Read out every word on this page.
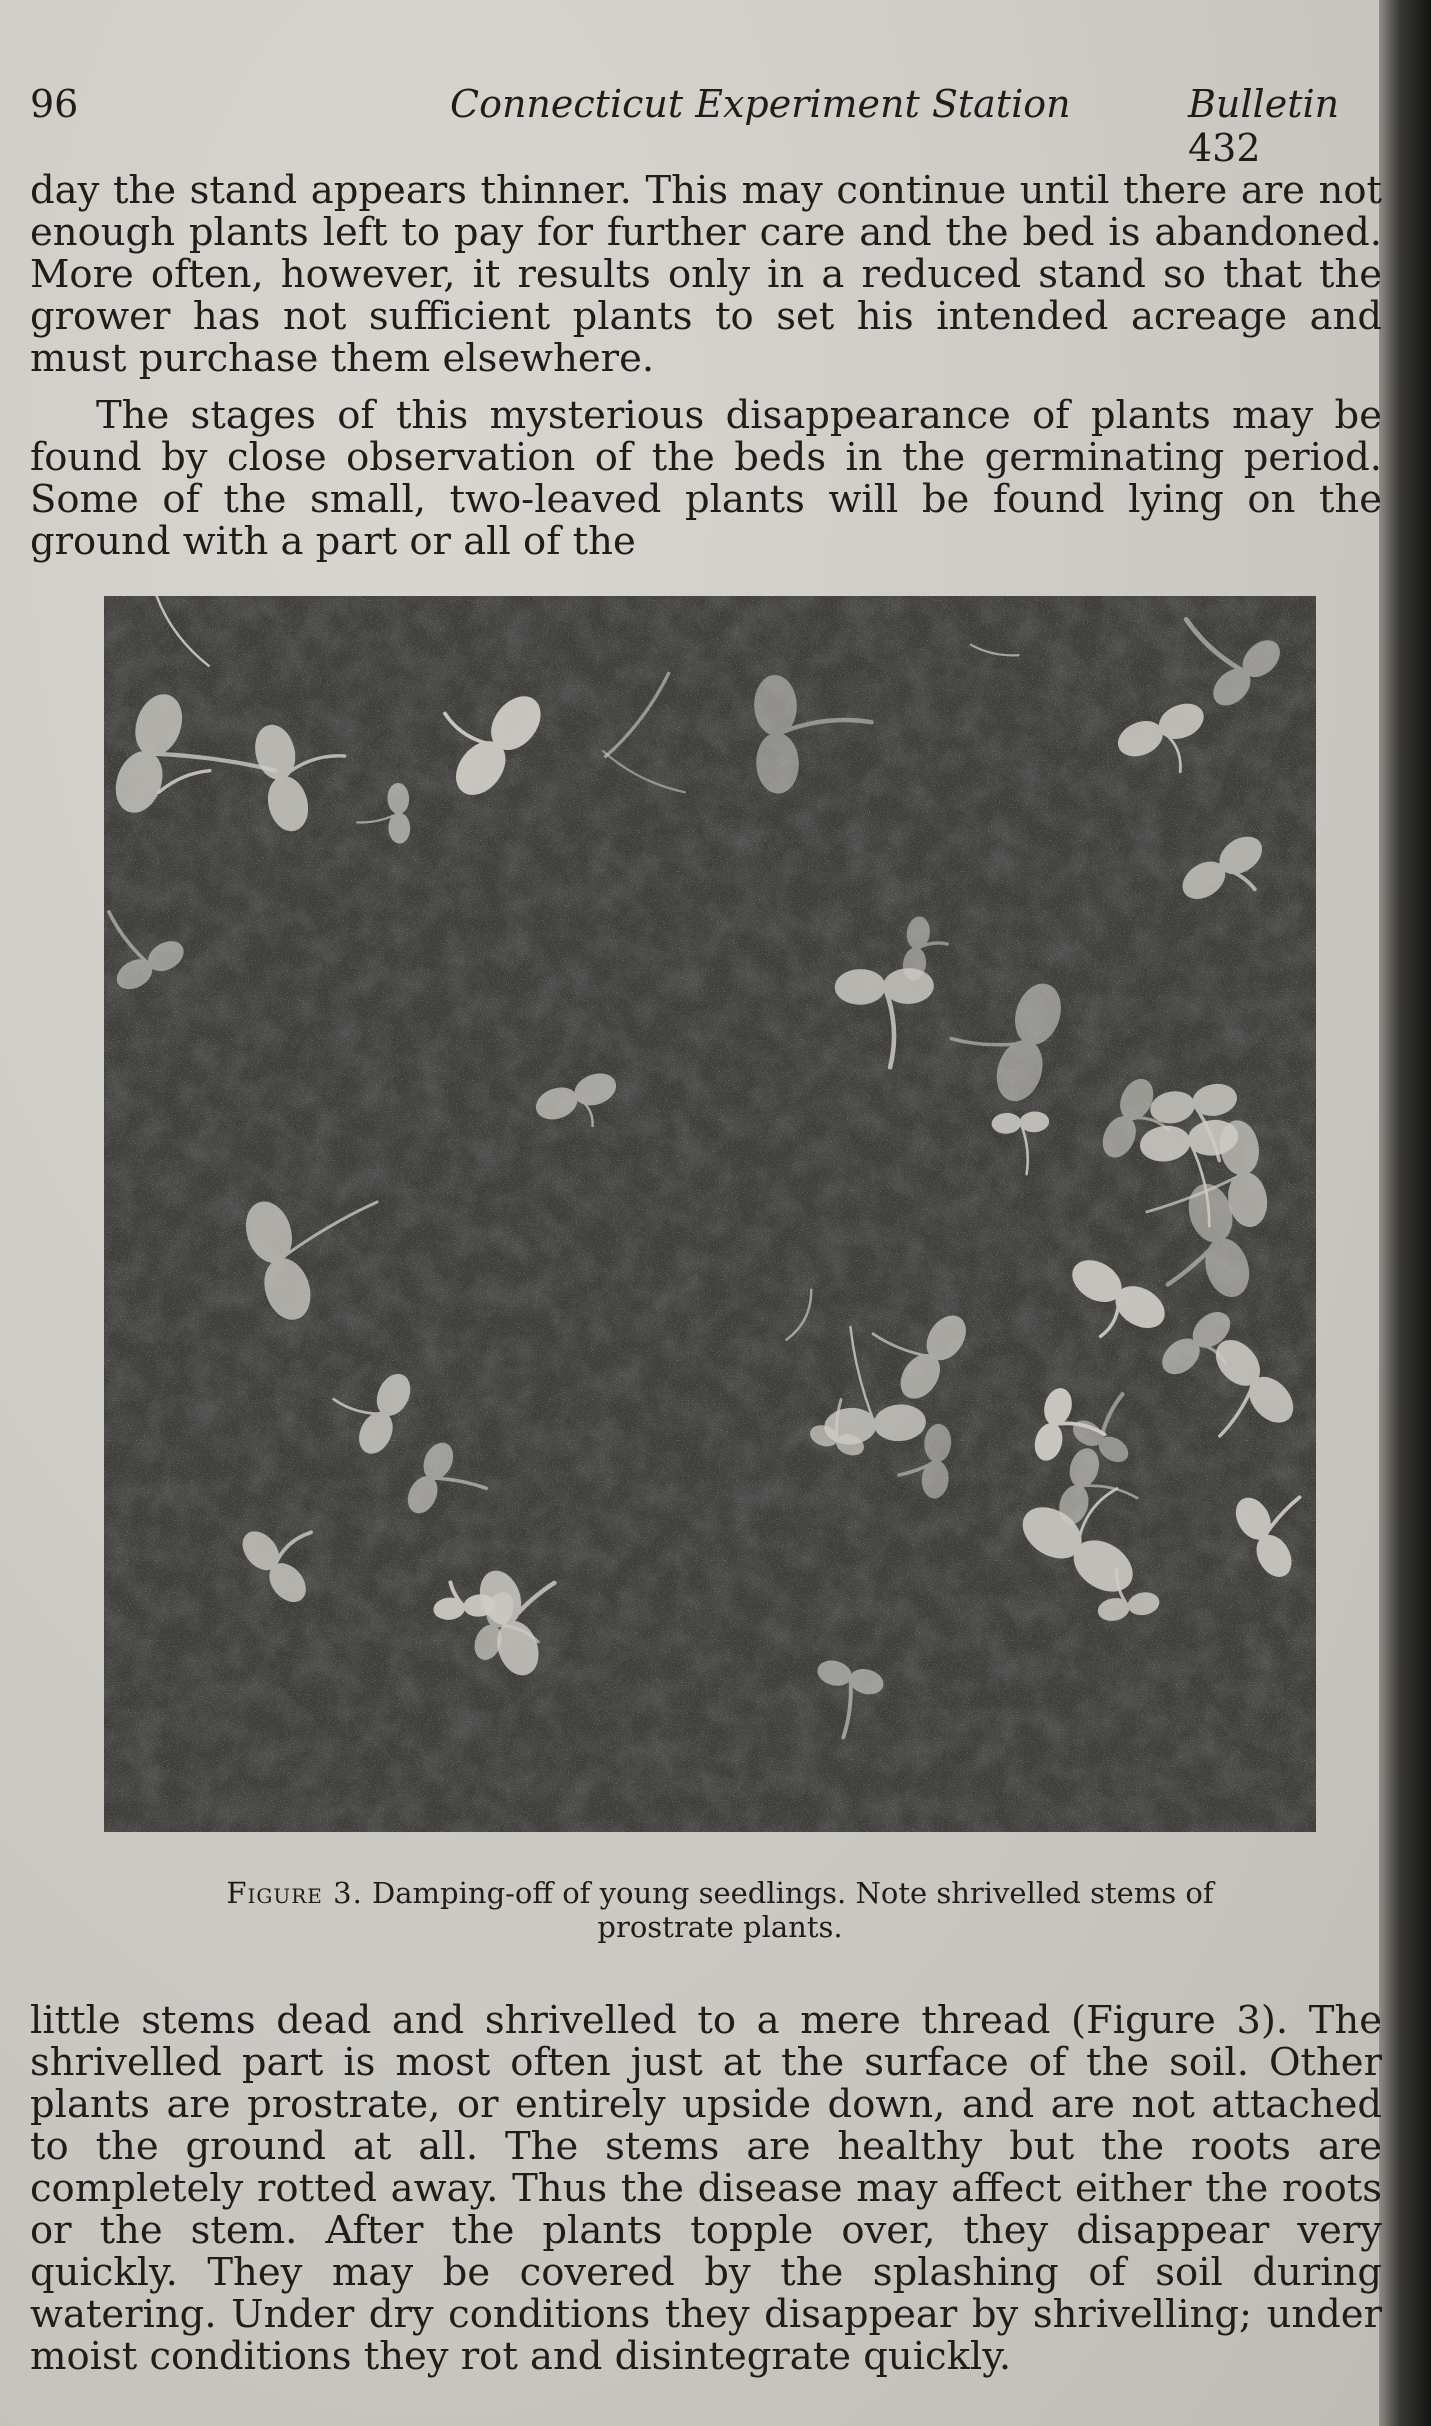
96	Connecticut Experiment Station	Bulletin 432

day the stand appears thinner. This may continue until there are not enough plants left to pay for further care and the bed is abandoned. More often, however, it results only in a reduced stand so that the grower has not sufficient plants to set his intended acreage and must purchase them elsewhere.

The stages of this mysterious disappearance of plants may be found by close observation of the beds in the germinating period. Some of the small, two-leaved plants will be found lying on the ground with a part or all of the

Figure 3. Damping-off of young seedlings. Note shrivelled stems of
prostrate plants.

little stems dead and shrivelled to a mere thread (Figure 3). The shrivelled part is most often just at the surface of the soil. Other plants are prostrate, or entirely upside down, and are not attached to the ground at all. The stems are healthy but the roots are completely rotted away. Thus the disease may affect either the roots or the stem. After the plants topple over, they disappear very quickly. They may be covered by the splashing of soil during watering. Under dry conditions they disappear by shrivelling; under moist conditions they rot and disintegrate quickly.
